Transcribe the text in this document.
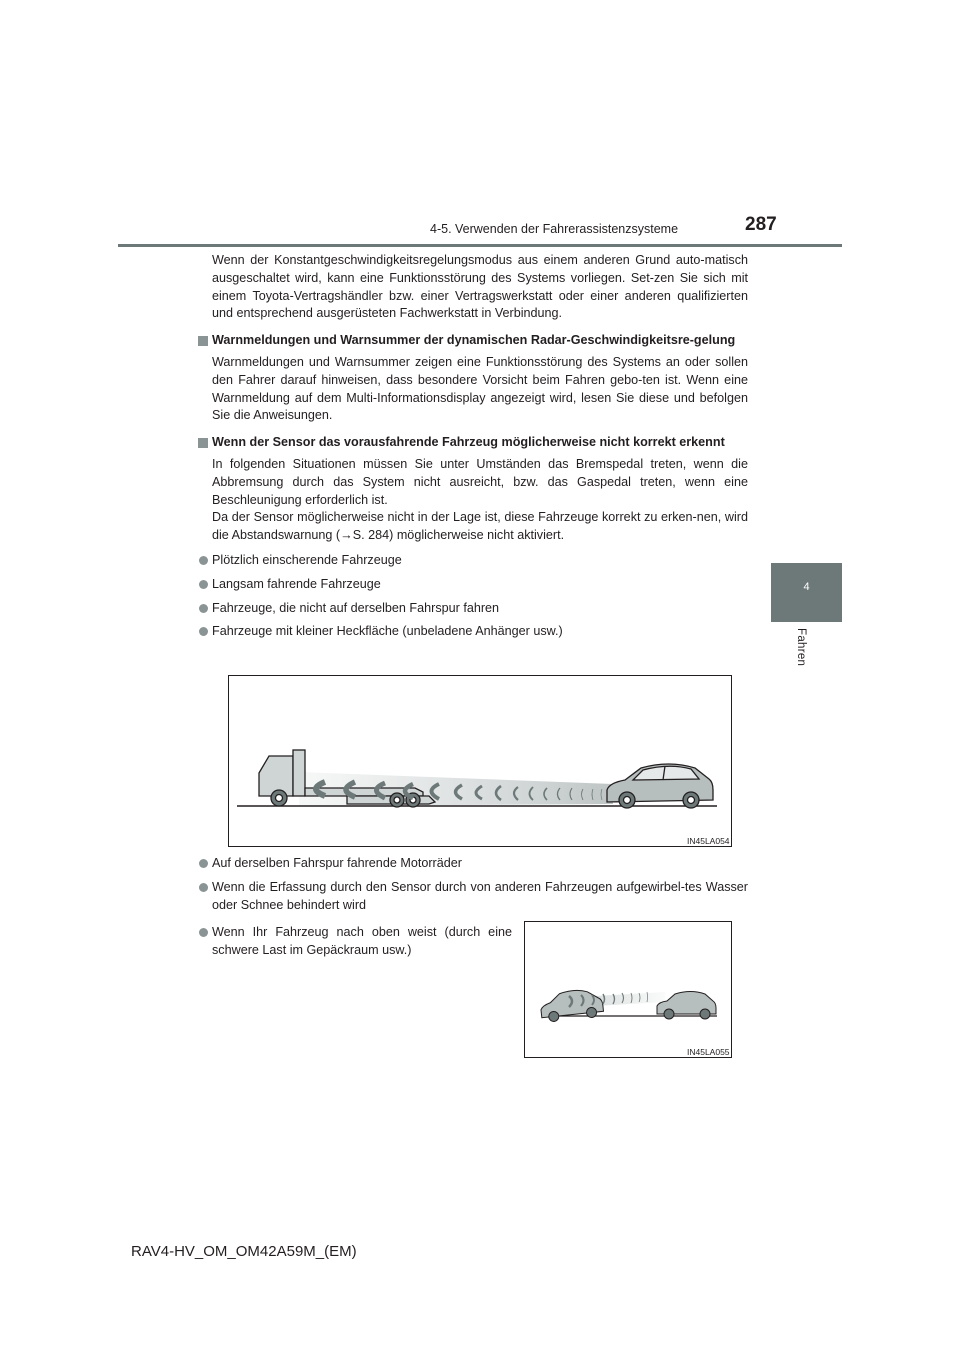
4-5. Verwenden der Fahrerassistenzsysteme	287
4
Fahren

Wenn der Konstantgeschwindigkeitsregelungsmodus aus einem anderen Grund auto-matisch ausgeschaltet wird, kann eine Funktionsstörung des Systems vorliegen. Set-zen Sie sich mit einem Toyota-Vertragshändler bzw. einer Vertragswerkstatt oder einer anderen qualifizierten und entsprechend ausgerüsteten Fachwerkstatt in Verbindung.

Warnmeldungen und Warnsummer der dynamischen Radar-Geschwindigkeitsre-gelung

Warnmeldungen und Warnsummer zeigen eine Funktionsstörung des Systems an oder sollen den Fahrer darauf hinweisen, dass besondere Vorsicht beim Fahren gebo-ten ist. Wenn eine Warnmeldung auf dem Multi-Informationsdisplay angezeigt wird, lesen Sie diese und befolgen Sie die Anweisungen.

Wenn der Sensor das vorausfahrende Fahrzeug möglicherweise nicht korrekt erkennt

In folgenden Situationen müssen Sie unter Umständen das Bremspedal treten, wenn die Abbremsung durch das System nicht ausreicht, bzw. das Gaspedal treten, wenn eine Beschleunigung erforderlich ist.

Da der Sensor möglicherweise nicht in der Lage ist, diese Fahrzeuge korrekt zu erken-nen, wird die Abstandswarnung (→S. 284) möglicherweise nicht aktiviert.

Plötzlich einscherende Fahrzeuge
Langsam fahrende Fahrzeuge
Fahrzeuge, die nicht auf derselben Fahrspur fahren
Fahrzeuge mit kleiner Heckfläche (unbeladene Anhänger usw.)
IN45LA054
Auf derselben Fahrspur fahrende Motorräder
Wenn die Erfassung durch den Sensor durch von anderen Fahrzeugen aufgewirbel-tes Wasser oder Schnee behindert wird
Wenn Ihr Fahrzeug nach oben weist (durch eine schwere Last im Gepäckraum usw.)
IN45LA055
RAV4-HV_OM_OM42A59M_(EM)
